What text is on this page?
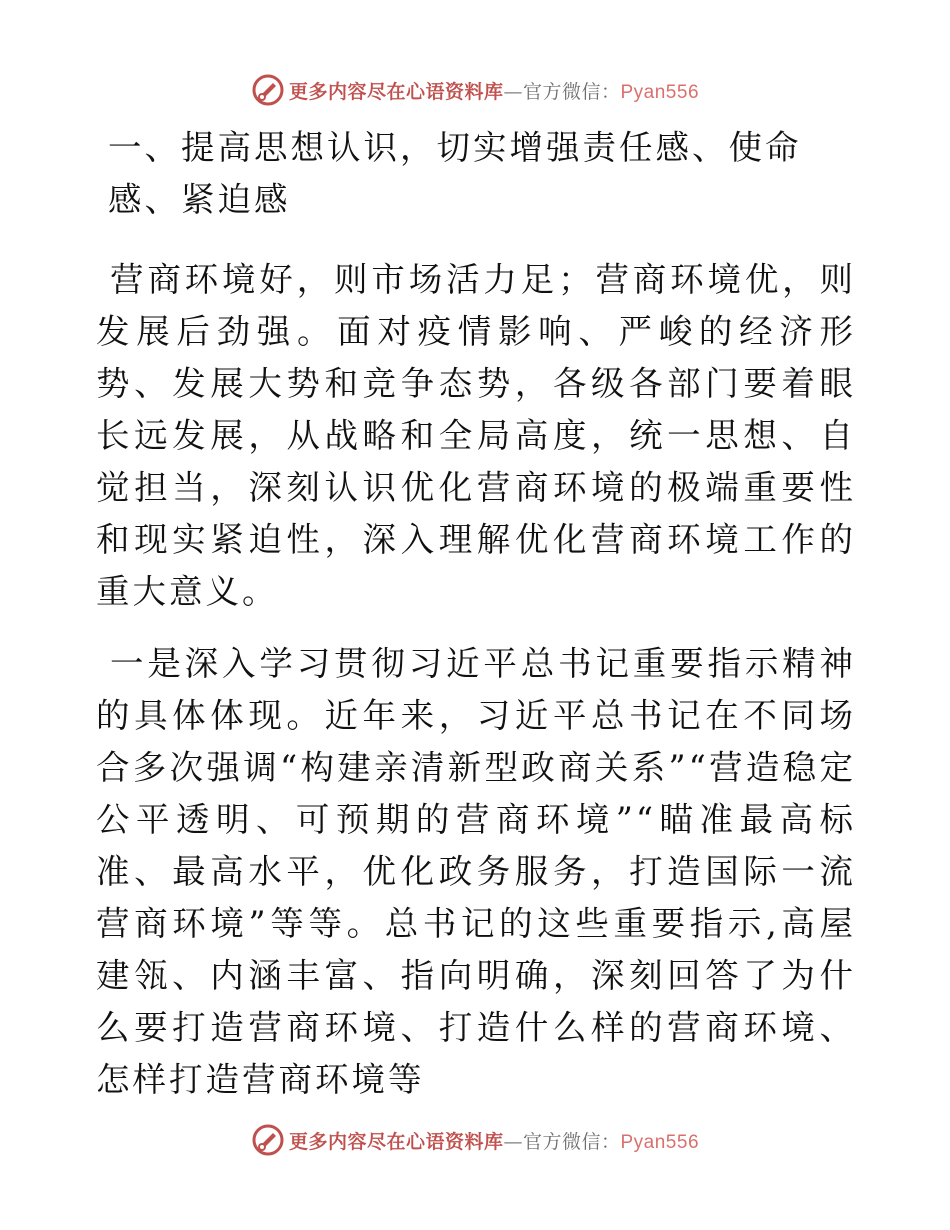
更多内容尽在心语资料库—官方微信：Pyan556

一、提高思想认识，切实增强责任感、使命感、紧迫感

营商环境好，则市场活力足；营商环境优，则发展后劲强。面对疫情影响、严峻的经济形势、发展大势和竞争态势，各级各部门要着眼长远发展，从战略和全局高度，统一思想、自觉担当，深刻认识优化营商环境的极端重要性和现实紧迫性，深入理解优化营商环境工作的重大意义。

一是深入学习贯彻习近平总书记重要指示精神的具体体现。近年来，习近平总书记在不同场合多次强调“构建亲清新型政商关系”“营造稳定公平透明、可预期的营商环境”“瞄准最高标准、最高水平，优化政务服务，打造国际一流营商环境”等等。总书记的这些重要指示,高屋建瓴、内涵丰富、指向明确，深刻回答了为什么要打造营商环境、打造什么样的营商环境、怎样打造营商环境等

更多内容尽在心语资料库—官方微信：Pyan556
